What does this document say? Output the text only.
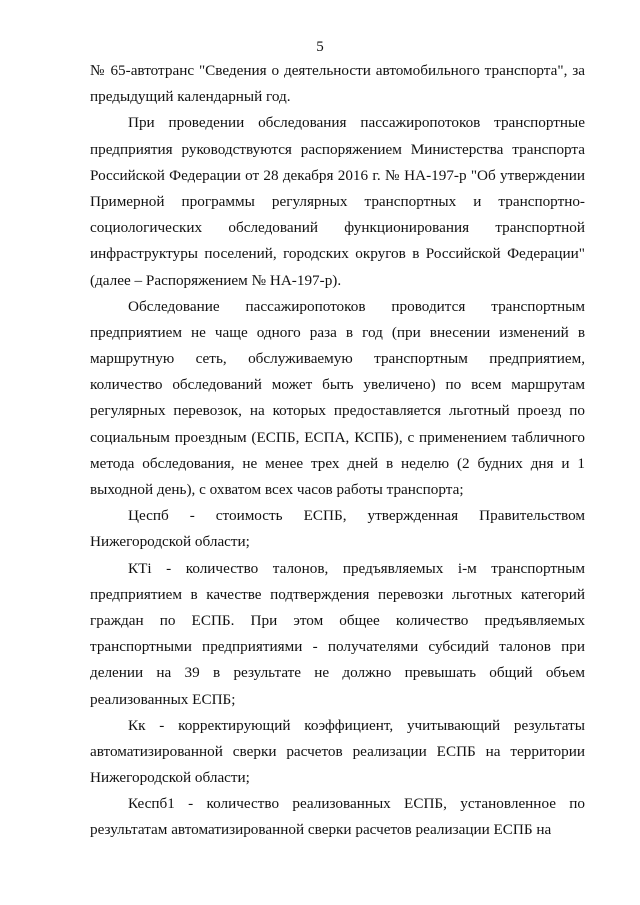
5
№ 65-автотранс "Сведения о деятельности автомобильного транспорта", за
предыдущий календарный год.
При проведении обследования пассажиропотоков транспортные
предприятия руководствуются распоряжением Министерства транспорта
Российской Федерации от 28 декабря 2016 г. № НА-197-р "Об утверждении
Примерной программы регулярных транспортных и транспортно-
социологических обследований функционирования транспортной
инфраструктуры поселений, городских округов в Российской Федерации"
(далее – Распоряжением № НА-197-р).
Обследование пассажиропотоков проводится транспортным
предприятием не чаще одного раза в год (при внесении изменений в
маршрутную сеть, обслуживаемую транспортным предприятием,
количество обследований может быть увеличено) по всем маршрутам
регулярных перевозок, на которых предоставляется льготный проезд по
социальным проездным (ЕСПБ, ЕСПА, КСПБ), с применением табличного
метода обследования, не менее трех дней в неделю (2 будних дня и 1
выходной день), с охватом всех часов работы транспорта;
Цеспб - стоимость ЕСПБ, утвержденная Правительством
Нижегородской области;
КТi - количество талонов, предъявляемых i-м транспортным
предприятием в качестве подтверждения перевозки льготных категорий
граждан по ЕСПБ. При этом общее количество предъявляемых
транспортными предприятиями - получателями субсидий талонов при
делении на 39 в результате не должно превышать общий объем
реализованных ЕСПБ;
Кк - корректирующий коэффициент, учитывающий результаты
автоматизированной сверки расчетов реализации ЕСПБ на территории
Нижегородской области;
Кеспб1 - количество реализованных ЕСПБ, установленное по
результатам автоматизированной сверки расчетов реализации ЕСПБ на
